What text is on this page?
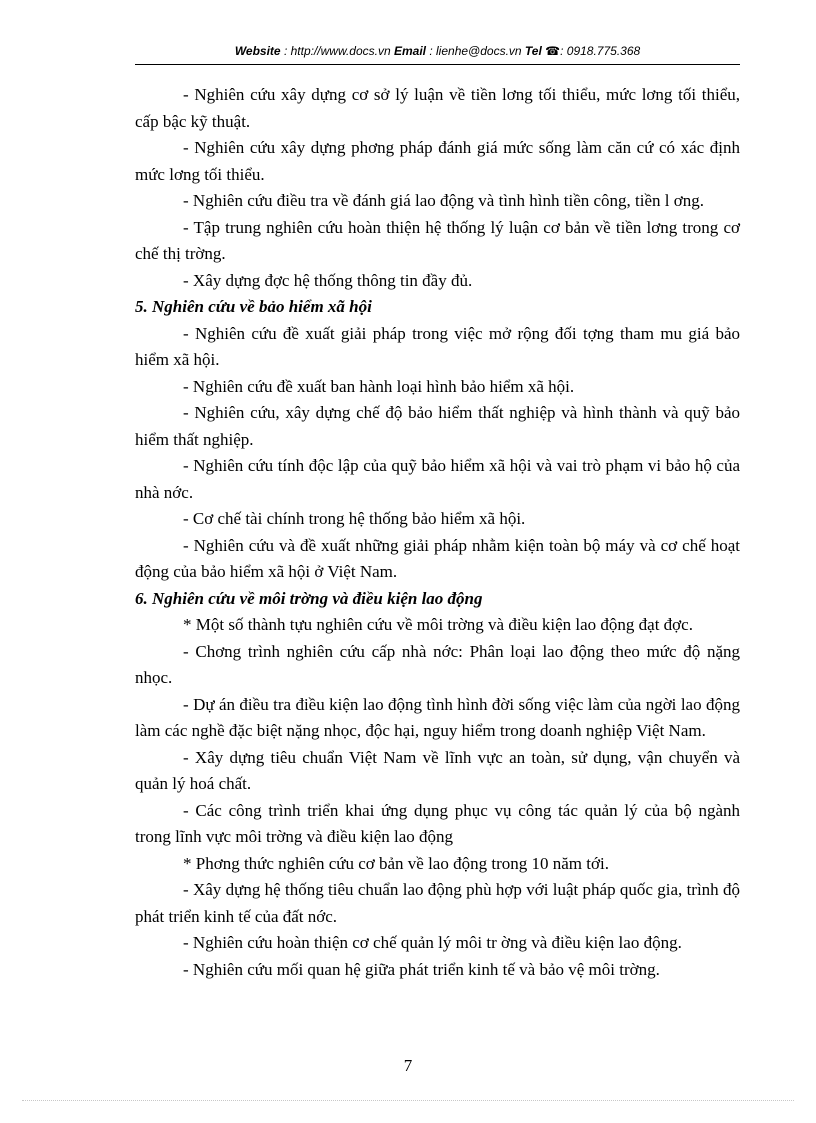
Website : http://www.docs.vn Email : lienhe@docs.vn Tel ☎: 0918.775.368

- Nghiên cứu xây dựng cơ sở lý luận về tiền lơng tối thiểu, mức lơng tối thiểu, cấp bậc kỹ thuật.

- Nghiên cứu xây dựng phơng pháp đánh giá mức sống làm căn cứ có xác định mức lơng tối thiểu.

- Nghiên cứu điều tra về đánh giá lao động và tình hình tiền công, tiền l ơng.

- Tập trung nghiên cứu hoàn thiện hệ thống lý luận cơ bản về tiền lơng trong cơ chế thị trờng.

- Xây dựng đợc hệ thống thông tin đầy đủ.

5. Nghiên cứu về bảo hiểm xã hội

- Nghiên cứu đề xuất giải pháp trong việc mở rộng đối tợng tham mu giá bảo hiểm xã hội.

- Nghiên cứu đề xuất ban hành loại hình bảo hiểm xã hội.

- Nghiên cứu, xây dựng chế độ bảo hiểm thất nghiệp và hình thành và quỹ bảo hiểm thất nghiệp.

- Nghiên cứu tính độc lập của quỹ bảo hiểm xã hội và vai trò phạm vi bảo hộ của nhà nớc.

- Cơ chế tài chính trong hệ thống bảo hiểm xã hội.

- Nghiên cứu và đề xuất những giải pháp nhằm kiện toàn bộ máy và cơ chế hoạt động của bảo hiểm xã hội ở Việt Nam.

6. Nghiên cứu về môi trờng và điều kiện lao động

* Một số thành tựu nghiên cứu về môi trờng và điều kiện lao động đạt đợc.

- Chơng trình nghiên cứu cấp nhà nớc: Phân loại lao động theo mức độ nặng nhọc.

- Dự án điều tra điều kiện lao động tình hình đời sống việc làm của ngời lao động làm các nghề đặc biệt nặng nhọc, độc hại, nguy hiểm trong doanh nghiệp Việt Nam.

- Xây dựng tiêu chuẩn Việt Nam về lĩnh vực an toàn, sử dụng, vận chuyển và quản lý hoá chất.

- Các công trình triển khai ứng dụng phục vụ công tác quản lý của bộ ngành trong lĩnh vực môi trờng và điều kiện lao động

* Phơng thức nghiên cứu cơ bản về lao động trong 10 năm tới.

- Xây dựng hệ thống tiêu chuẩn lao động phù hợp với luật pháp quốc gia, trình độ phát triển kinh tế của đất nớc.

- Nghiên cứu hoàn thiện cơ chế quản lý môi tr ờng và điều kiện lao động.

- Nghiên cứu mối quan hệ giữa phát triển kinh tế và bảo vệ môi trờng.

7
